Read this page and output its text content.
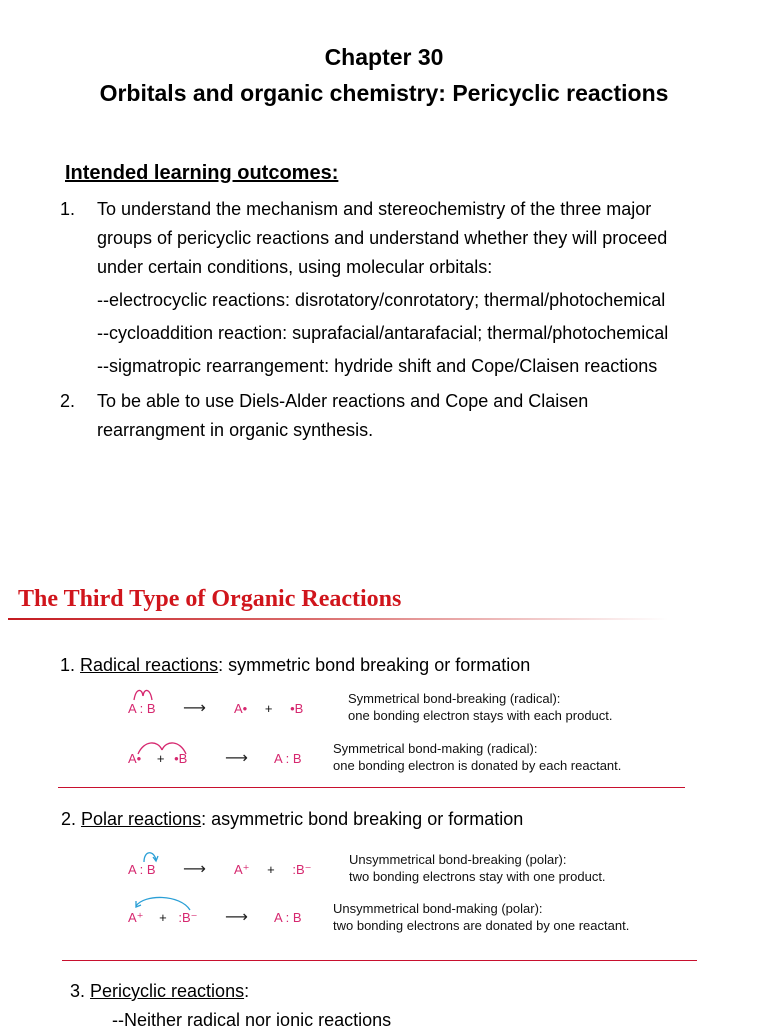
Chapter 30
Orbitals and organic chemistry: Pericyclic reactions
Intended learning outcomes:
1. To understand the mechanism and stereochemistry of the three major
groups of pericyclic reactions and understand whether they will proceed
under certain conditions, using molecular orbitals:
--electrocyclic reactions: disrotatory/conrotatory; thermal/photochemical
--cycloaddition reaction: suprafacial/antarafacial; thermal/photochemical
--sigmatropic rearrangement: hydride shift and Cope/Claisen reactions
2. To be able to use Diels-Alder reactions and Cope and Claisen
rearrangment in organic synthesis.
The Third Type of Organic Reactions
1. Radical reactions: symmetric bond breaking or formation
A : B ⟶ A• + •B
Symmetrical bond-breaking (radical):
one bonding electron stays with each product.
A• + •B ⟶ A : B
Symmetrical bond-making (radical):
one bonding electron is donated by each reactant.
2. Polar reactions: asymmetric bond breaking or formation
A : B ⟶ A⁺ + :B⁻
Unsymmetrical bond-breaking (polar):
two bonding electrons stay with one product.
A⁺ + :B⁻ ⟶ A : B
Unsymmetrical bond-making (polar):
two bonding electrons are donated by one reactant.
3. Pericyclic reactions:
--Neither radical nor ionic reactions
